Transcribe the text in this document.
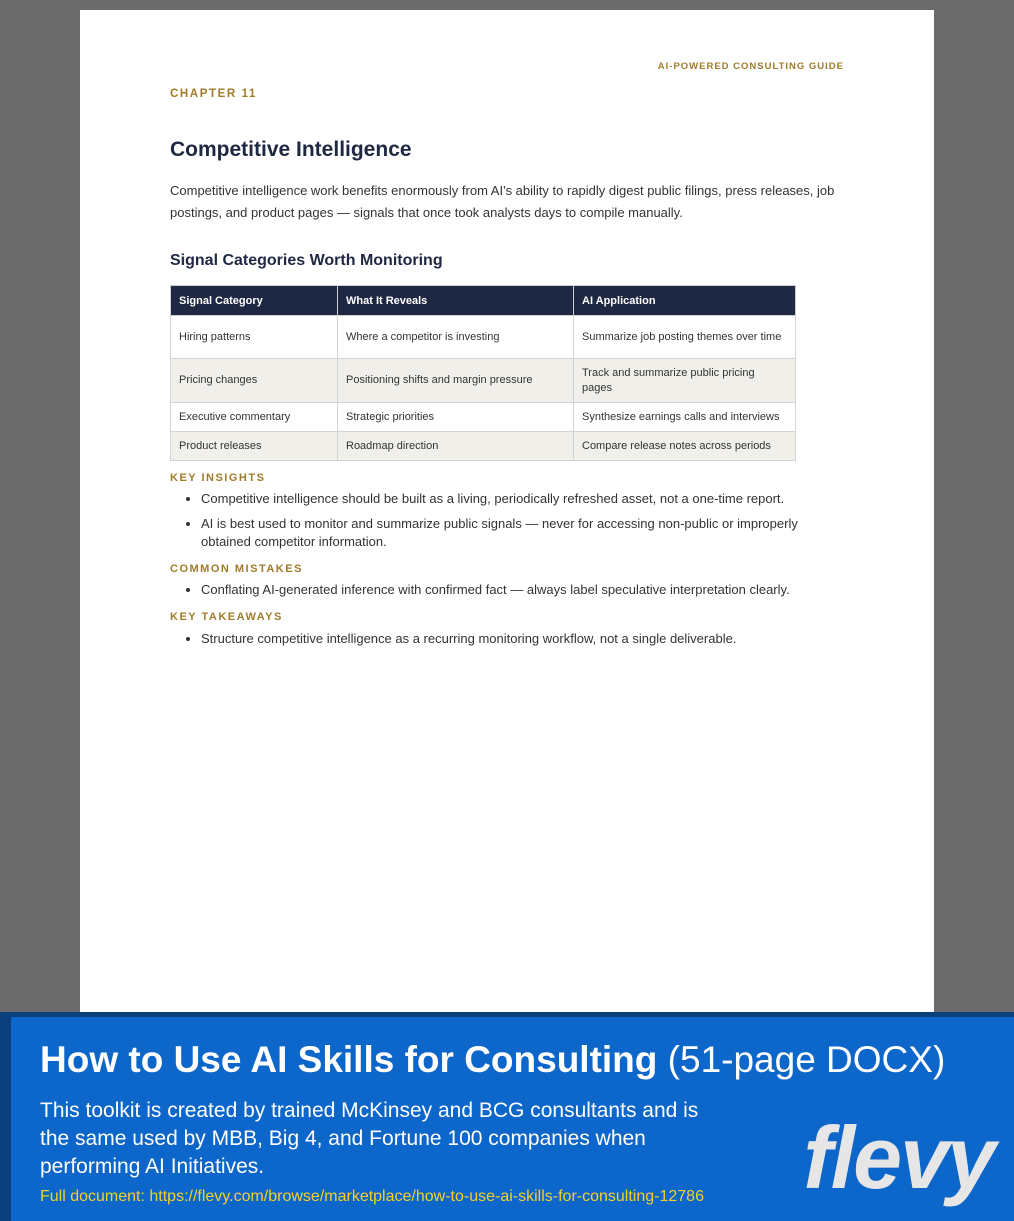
AI-POWERED CONSULTING GUIDE
CHAPTER 11
Competitive Intelligence

Competitive intelligence work benefits enormously from AI's ability to rapidly digest public filings, press releases, job postings, and product pages — signals that once took analysts days to compile manually.

Signal Categories Worth Monitoring
Signal Category	What It Reveals	AI Application
Hiring patterns	Where a competitor is investing	Summarize job posting themes over time
Pricing changes	Positioning shifts and margin pressure	Track and summarize public pricing pages
Executive commentary	Strategic priorities	Synthesize earnings calls and interviews
Product releases	Roadmap direction	Compare release notes across periods
KEY INSIGHTS
• Competitive intelligence should be built as a living, periodically refreshed asset, not a one-time report.
• AI is best used to monitor and summarize public signals — never for accessing non-public or improperly obtained competitor information.
COMMON MISTAKES
• Conflating AI-generated inference with confirmed fact — always label speculative interpretation clearly.
KEY TAKEAWAYS
• Structure competitive intelligence as a recurring monitoring workflow, not a single deliverable.
How to Use AI Skills for Consulting (51-page DOCX)
This toolkit is created by trained McKinsey and BCG consultants and is the same used by MBB, Big 4, and Fortune 100 companies when performing AI Initiatives.
Full document: https://flevy.com/browse/marketplace/how-to-use-ai-skills-for-consulting-12786 flevy
